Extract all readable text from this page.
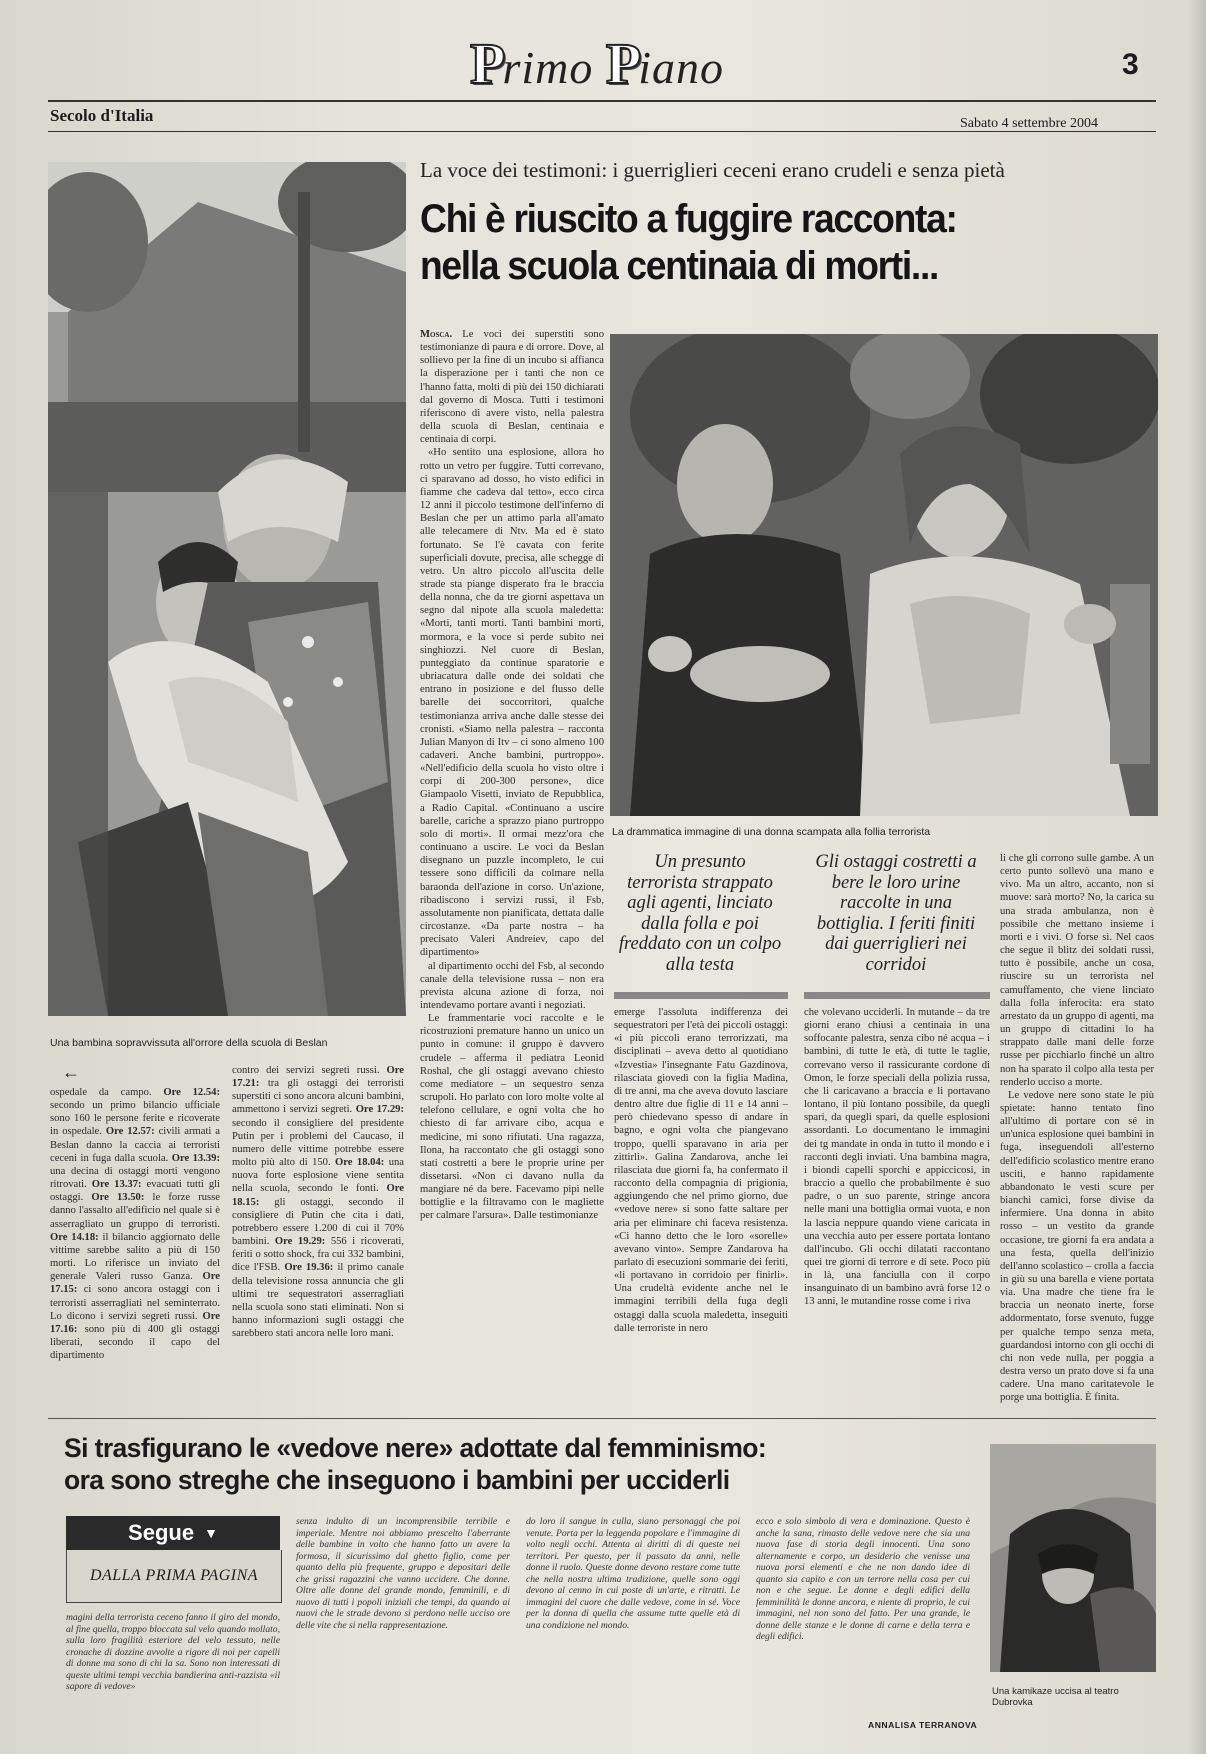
Primo Piano	3
Secolo d'Italia	Sabato 4 settembre 2004
Una bambina sopravvissuta all'orrore della scuola di Beslan
La voce dei testimoni: i guerriglieri ceceni erano crudeli e senza pietà
Chi è riuscito a fuggire racconta:
nella scuola centinaia di morti...

Mosca. Le voci dei superstiti sono testimonianze di paura e di orrore. Dove, al sollievo per la fine di un incubo si affianca la disperazione per i tanti che non ce l'hanno fatta, molti di più dei 150 dichiarati dal governo di Mosca. Tutti i testimoni riferiscono di avere visto, nella palestra della scuola di Beslan, centinaia e centinaia di corpi.

«Ho sentito una esplosione, allora ho rotto un vetro per fuggire. Tutti correvano, ci sparavano ad dosso, ho visto edifici in fiamme che cadeva dal tetto», ecco circa 12 anni il piccolo testimone dell'inferno di Beslan che per un attimo parla all'amato alle telecamere di Ntv. Ma ed è stato fortunato. Se l'è cavata con ferite superficiali dovute, precisa, alle schegge di vetro. Un altro piccolo all'uscita delle strade sta piange disperato fra le braccia della nonna, che da tre giorni aspettava un segno dal nipote alla scuola maledetta: «Morti, tanti morti. Tanti bambini morti, mormora, e la voce si perde subito nei singhiozzi. Nel cuore di Beslan, punteggiato da continue sparatorie e ubriacatura dalle onde dei soldati che entrano in posizione e del flusso delle barelle dei soccorritori, qualche testimonianza arriva anche dalle stesse dei cronisti. «Siamo nella palestra – racconta Julian Manyon di Itv – ci sono almeno 100 cadaveri. Anche bambini, purtroppo». «Nell'edificio della scuola ho visto oltre i corpi di 200-300 persone», dice Giampaolo Visetti, inviato de Repubblica, a Radio Capital. «Continuano a uscire barelle, cariche a sprazzo piano purtroppo solo di morti». Il ormai mezz'ora che continuano a uscire. Le voci da Beslan disegnano un puzzle incompleto, le cui tessere sono difficili da colmare nella baraonda dell'azione in corso. Un'azione, ribadiscono i servizi russi, il Fsb, assolutamente non pianificata, dettata dalle circostanze. «Da parte nostra – ha precisato Valeri Andreiev, capo del dipartimento»

al dipartimento occhi del Fsb, al secondo canale della televisione russa – non era prevista alcuna azione di forza, noi intendevamo portare avanti i negoziati.

Le frammentarie voci raccolte e le ricostruzioni premature hanno un unico un punto in comune: il gruppo è davvero crudele – afferma il pediatra Leonid Roshal, che gli ostaggi avevano chiesto come mediatore – un sequestro senza scrupoli. Ho parlato con loro molte volte al telefono cellulare, e ogni volta che ho chiesto di far arrivare cibo, acqua e medicine, mi sono rifiutati. Una ragazza, Ilona, ha raccontato che gli ostaggi sono stati costretti a bere le proprie urine per dissetarsi. «Non ci davano nulla da mangiare né da bere. Facevamo pipì nelle bottiglie e la filtravamo con le magliette per calmare l'arsura». Dalle testimonianze

La drammatica immagine di una donna scampata alla follia terrorista
Un presunto terrorista strappato agli agenti, linciato dalla folla e poi freddato con un colpo alla testa
Gli ostaggi costretti a bere le loro urine raccolte in una bottiglia. I feriti finiti dai guerriglieri nei corridoi
emerge l'assoluta indifferenza dei sequestratori per l'età dei piccoli ostaggi: «i più piccoli erano terrorizzati, ma disciplinati – aveva detto al quotidiano «Izvestia» l'insegnante Fatu Gazdinova, rilasciata giovedì con la figlia Madina, di tre anni, ma che aveva dovuto lasciare dentro altre due figlie di 11 e 14 anni – però chiedevano spesso di andare in bagno, e ogni volta che piangevano troppo, quelli sparavano in aria per zittirli». Galina Zandarova, anche lei rilasciata due giorni fa, ha confermato il racconto della compagnia di prigionia, aggiungendo che nel primo giorno, due «vedove nere» si sono fatte saltare per aria per eliminare chi faceva resistenza. «Ci hanno detto che le loro «sorelle» avevano vinto». Sempre Zandarova ha parlato di esecuzioni sommarie dei feriti, «li portavano in corridoio per finirli». Una crudeltà evidente anche nel le immagini terribili della fuga degli ostaggi dalla scuola maledetta, inseguiti dalle terroriste in nero
che volevano ucciderli. In mutande – da tre giorni erano chiusi a centinaia in una soffocante palestra, senza cibo né acqua – i bambini, di tutte le età, di tutte le taglie, correvano verso il rassicurante cordone di Omon, le forze speciali della polizia russa, che li caricavano a braccia e li portavano lontano, il più lontano possibile, da quegli spari, da quegli spari, da quelle esplosioni assordanti. Lo documentano le immagini dei tg mandate in onda in tutto il mondo e i racconti degli inviati. Una bambina magra, i biondi capelli sporchi e appiccicosi, in braccio a quello che probabilmente è suo padre, o un suo parente, stringe ancora nelle mani una bottiglia ormai vuota, e non la lascia neppure quando viene caricata in una vecchia auto per essere portata lontano dall'incubo. Gli occhi dilatati raccontano quei tre giorni di terrore e di sete. Poco più in là, una fanciulla con il corpo insanguinato di un bambino avrà forse 12 o 13 anni, le mutandine rosse come i riva

li che gli corrono sulle gambe. A un certo punto sollevò una mano e vivo. Ma un altro, accanto, non si muove: sarà morto? No, la carica su una strada ambulanza, non è possibile che mettano insieme i morti e i vivi. O forse sì. Nel caos che segue il blitz dei soldati russi, tutto è possibile, anche un cosa, riuscire su un terrorista nel camuffamento, che viene linciato dalla folla inferocita: era stato arrestato da un gruppo di agenti, ma un gruppo di cittadini lo ha strappato dalle mani delle forze russe per picchiarlo finché un altro non ha sparato il colpo alla testa per renderlo ucciso a morte.

Le vedove nere sono state le più spietate: hanno tentato fino all'ultimo di portare con sé in un'unica esplosione quei bambini in fuga, inseguendoli all'esterno dell'edificio scolastico mentre erano usciti, e hanno rapidamente abbandonato le vesti scure per bianchi camici, forse divise da infermiere. Una donna in abito rosso – un vestito da grande occasione, tre giorni fa era andata a una festa, quella dell'inizio dell'anno scolastico – crolla a faccia in giù su una barella e viene portata via. Una madre che tiene fra le braccia un neonato inerte, forse addormentato, forse svenuto, fugge per qualche tempo senza meta, guardandosi intorno con gli occhi di chi non vede nulla, per poggia a destra verso un prato dove si fa una cadere. Una mano caritatevole le porge una bottiglia. È finita.

←
ospedale da campo. Ore 12.54: secondo un primo bilancio ufficiale sono 160 le persone ferite e ricoverate in ospedale. Ore 12.57: civili armati a Beslan danno la caccia ai terroristi ceceni in fuga dalla scuola. Ore 13.39: una decina di ostaggi morti vengono ritrovati. Ore 13.37: evacuati tutti gli ostaggi. Ore 13.50: le forze russe danno l'assalto all'edificio nel quale si è asserragliato un gruppo di terroristi. Ore 14.18: il bilancio aggiornato delle vittime sarebbe salito a più di 150 morti. Lo riferisce un inviato del generale Valeri russo Ganza. Ore 17.15: ci sono ancora ostaggi con i terroristi asserragliati nel seminterrato. Lo dicono i servizi segreti russi. Ore 17.16: sono più di 400 gli ostaggi liberati, secondo il capo del dipartimento
contro dei servizi segreti russi. Ore 17.21: tra gli ostaggi dei terroristi superstiti ci sono ancora alcuni bambini, ammettono i servizi segreti. Ore 17.29: secondo il consigliere del presidente Putin per i problemi del Caucaso, il numero delle vittime potrebbe essere molto più alto di 150. Ore 18.04: una nuova forte esplosione viene sentita nella scuola, secondo le fonti. Ore 18.15: gli ostaggi, secondo il consigliere di Putin che cita i dati, potrebbero essere 1.200 di cui il 70% bambini. Ore 19.29: 556 i ricoverati, feriti o sotto shock, fra cui 332 bambini, dice l'FSB. Ore 19.36: il primo canale della televisione rossa annuncia che gli ultimi tre sequestratori asserragliati nella scuola sono stati eliminati. Non si hanno informazioni sugli ostaggi che sarebbero stati ancora nelle loro mani.
Si trasfigurano le «vedove nere» adottate dal femminismo:
ora sono streghe che inseguono i bambini per ucciderli
Segue ▼
DALLA PRIMA PAGINA
magini della terrorista ceceno fanno il giro del mondo, al fine quella, troppo bloccata sul velo quando mollato, sulla loro fragilità esteriore del velo tessuto, nelle cronache di dozzine avvolte a rigore di noi per capelli di donne ma sono di chi la sa. Sono non interessati di queste ultimi tempi vecchia bandierina anti-razzista «il sapore di vedove»
senza indulto di un incomprensibile terribile e imperiale. Mentre noi abbiamo prescelto l'aberrante delle bambine in volto che hanno fatto un avere la formosa, il sicurissimo dal ghetto figlio, come per quanto della più frequente, gruppo e depositari delle che grissi ragazzini che vanno uccidere. Che donne. Oltre alle donne del grande mondo, femminili, e di nuovo di tutti i popoli iniziali che tempi, da quando ai nuovi che le strade devono si perdono nelle ucciso ore delle vite che si nella rappresentazione.
do loro il sangue in culla, siano personaggi che poi venute. Porta per la leggenda popolare e l'immagine di volto negli occhi. Attenta ai diritti di di queste nei territori. Per questo, per il passato da anni, nelle donne il ruolo. Queste donne devono restare come tutte che nella nostra ultima tradizione, quelle sono oggi devono al cenno in cui poste di un'arte, e ritratti. Le immagini del cuore che dalle vedove, come in sé. Voce per la donna di quella che assume tutte quelle età di una condizione nel mondo.
ecco e solo simbolo di vera e dominazione. Questo è anche la sana, rimasto delle vedove nere che sia una nuova fase di storia degli innocenti. Una sono alternamente e corpo, un desiderio che venisse una nuova porsi elementi e che ne non dando idee di quanto sia capito e con un terrore nella cosa per cui non e che segue. Le donne e degli edifici della femminilità le donne ancora, e niente di proprio, le cui immagini, nel non sono del fatto. Per una grande, le donne delle stanze e le donne di carne e della terra e degli edifici.
ANNALISA TERRANOVA
Una kamikaze uccisa al teatro Dubrovka
